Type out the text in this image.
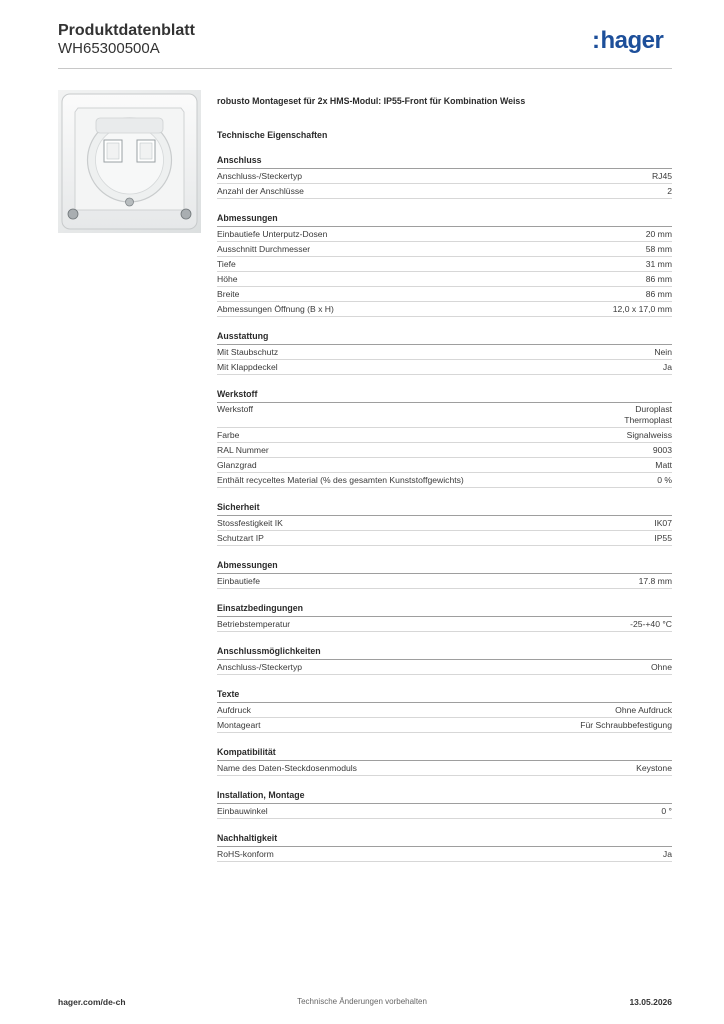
Produktdatenblatt
WH65300500A	:hager
robusto Montageset für 2x HMS-Modul: IP55-Front für Kombination Weiss
Technische Eigenschaften
Anschluss
Anschluss-/Steckertyp	RJ45
Anzahl der Anschlüsse	2
Abmessungen
Einbautiefe Unterputz-Dosen	20 mm
Ausschnitt Durchmesser	58 mm
Tiefe	31 mm
Höhe	86 mm
Breite	86 mm
Abmessungen Öffnung (B x H)	12,0 x 17,0 mm
Ausstattung
Mit Staubschutz	Nein
Mit Klappdeckel	Ja
Werkstoff
Werkstoff	Duroplast
Thermoplast
Farbe	Signalweiss
RAL Nummer	9003
Glanzgrad	Matt
Enthält recyceltes Material (% des gesamten Kunststoffgewichts)	0 %
Sicherheit
Stossfestigkeit IK	IK07
Schutzart IP	IP55
Abmessungen
Einbautiefe	17.8 mm
Einsatzbedingungen
Betriebstemperatur	-25-+40 °C
Anschlussmöglichkeiten
Anschluss-/Steckertyp	Ohne
Texte
Aufdruck	Ohne Aufdruck
Montageart	Für Schraubbefestigung
Kompatibilität
Name des Daten-Steckdosenmoduls	Keystone
Installation, Montage
Einbauwinkel	0 °
Nachhaltigkeit
RoHS-konform	Ja
hager.com/de-ch	Technische Änderungen vorbehalten	13.05.2026
